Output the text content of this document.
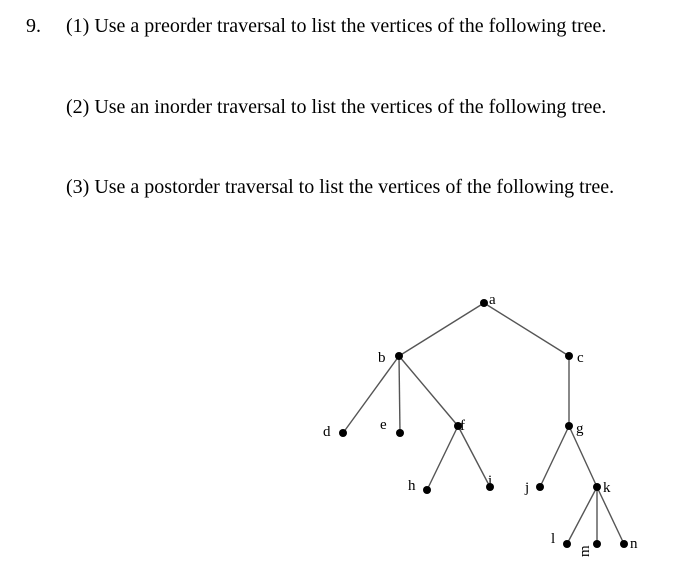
9. (1) Use a preorder traversal to list the vertices of the following tree.
(2) Use an inorder traversal to list the vertices of the following tree.
(3) Use a postorder traversal to list the vertices of the following tree.
a
b	c
d	e	f	g
h	i j	k
l
m n
